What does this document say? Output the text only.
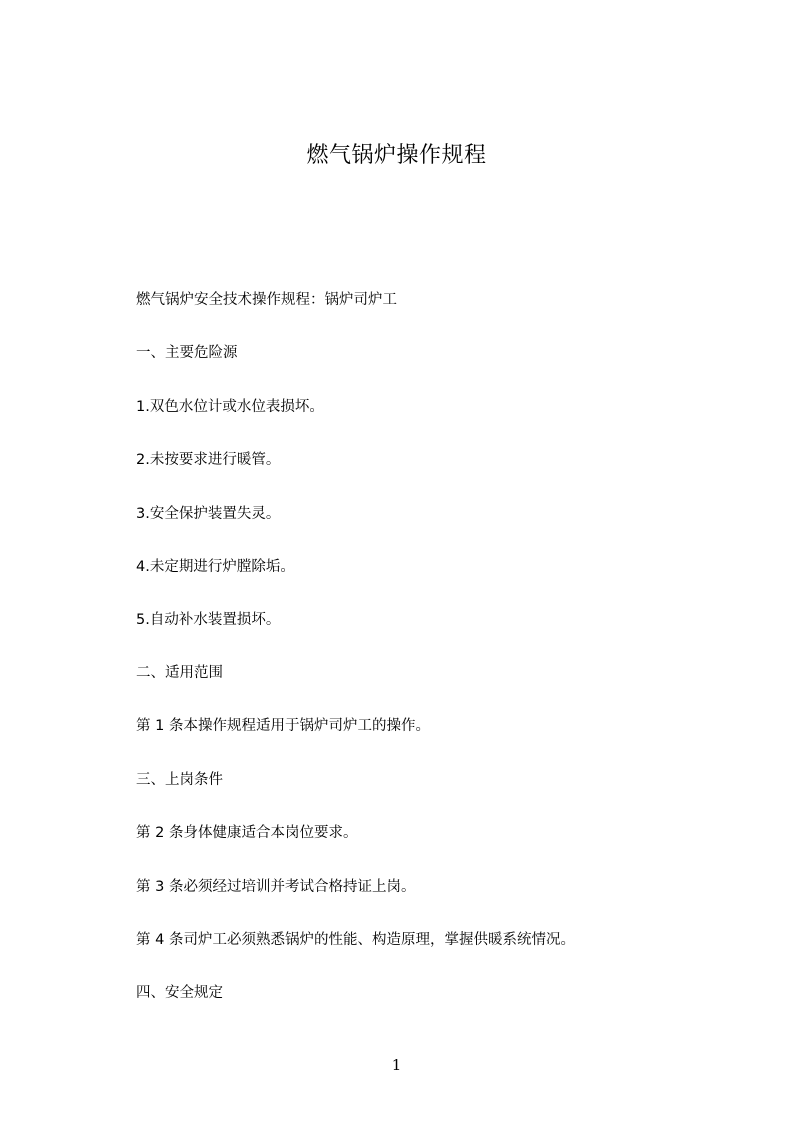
燃气锅炉操作规程
燃气锅炉安全技术操作规程：锅炉司炉工
一、主要危险源
1.双色水位计或水位表损坏。
2.未按要求进行暖管。
3.安全保护装置失灵。
4.未定期进行炉膛除垢。
5.自动补水装置损坏。
二、适用范围
第 1 条本操作规程适用于锅炉司炉工的操作。
三、上岗条件
第 2 条身体健康适合本岗位要求。
第 3 条必须经过培训并考试合格持证上岗。
第 4 条司炉工必须熟悉锅炉的性能、构造原理，掌握供暖系统情况。
四、安全规定
1
